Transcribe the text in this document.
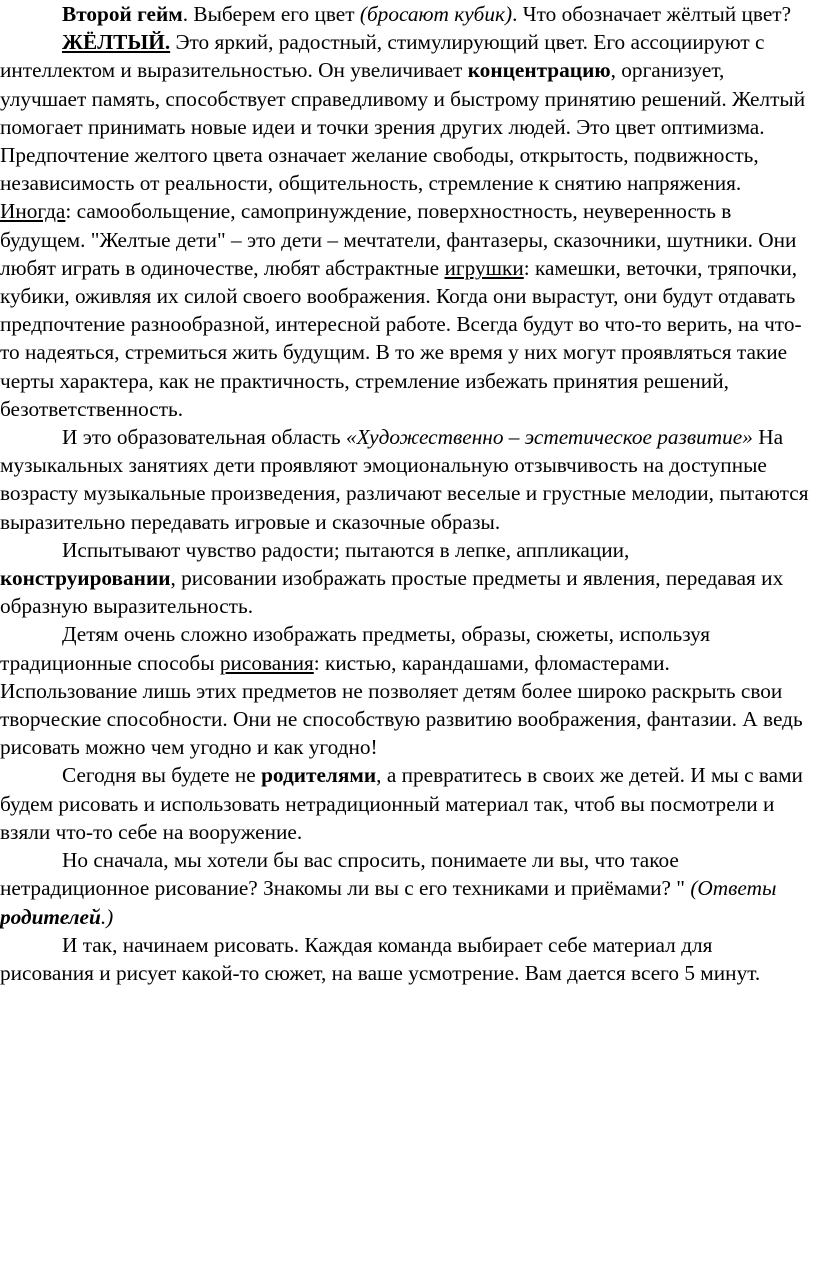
Второй гейм. Выберем его цвет (бросают кубик). Что обозначает жёлтый цвет?

ЖЁЛТЫЙ. Это яркий, радостный, стимулирующий цвет. Его ассоциируют с интеллектом и выразительностью. Он увеличивает концентрацию, организует, улучшает память, способствует справедливому и быстрому принятию решений. Желтый помогает принимать новые идеи и точки зрения других людей. Это цвет оптимизма. Предпочтение желтого цвета означает желание свободы, открытость, подвижность, независимость от реальности, общительность, стремление к снятию напряжения. Иногда: самообольщение, самопринуждение, поверхностность, неуверенность в будущем. "Желтые дети" – это дети – мечтатели, фантазеры, сказочники, шутники. Они любят играть в одиночестве, любят абстрактные игрушки: камешки, веточки, тряпочки, кубики, оживляя их силой своего воображения. Когда они вырастут, они будут отдавать предпочтение разнообразной, интересной работе. Всегда будут во что-то верить, на что-то надеяться, стремиться жить будущим. В то же время у них могут проявляться такие черты характера, как не практичность, стремление избежать принятия решений, безответственность.

И это образовательная область «Художественно – эстетическое развитие» На музыкальных занятиях дети проявляют эмоциональную отзывчивость на доступные возрасту музыкальные произведения, различают веселые и грустные мелодии, пытаются выразительно передавать игровые и сказочные образы.

Испытывают чувство радости; пытаются в лепке, аппликации, конструировании, рисовании изображать простые предметы и явления, передавая их образную выразительность.

Детям очень сложно изображать предметы, образы, сюжеты, используя традиционные способы рисования: кистью, карандашами, фломастерами. Использование лишь этих предметов не позволяет детям более широко раскрыть свои творческие способности. Они не способствую развитию воображения, фантазии. А ведь рисовать можно чем угодно и как угодно!

Сегодня вы будете не родителями, а превратитесь в своих же детей. И мы с вами будем рисовать и использовать нетрадиционный материал так, чтоб вы посмотрели и взяли что-то себе на вооружение.

Но сначала, мы хотели бы вас спросить, понимаете ли вы, что такое нетрадиционное рисование? Знакомы ли вы с его техниками и приёмами? " (Ответы родителей.)

И так, начинаем рисовать. Каждая команда выбирает себе материал для рисования и рисует какой-то сюжет, на ваше усмотрение. Вам дается всего 5 минут.
